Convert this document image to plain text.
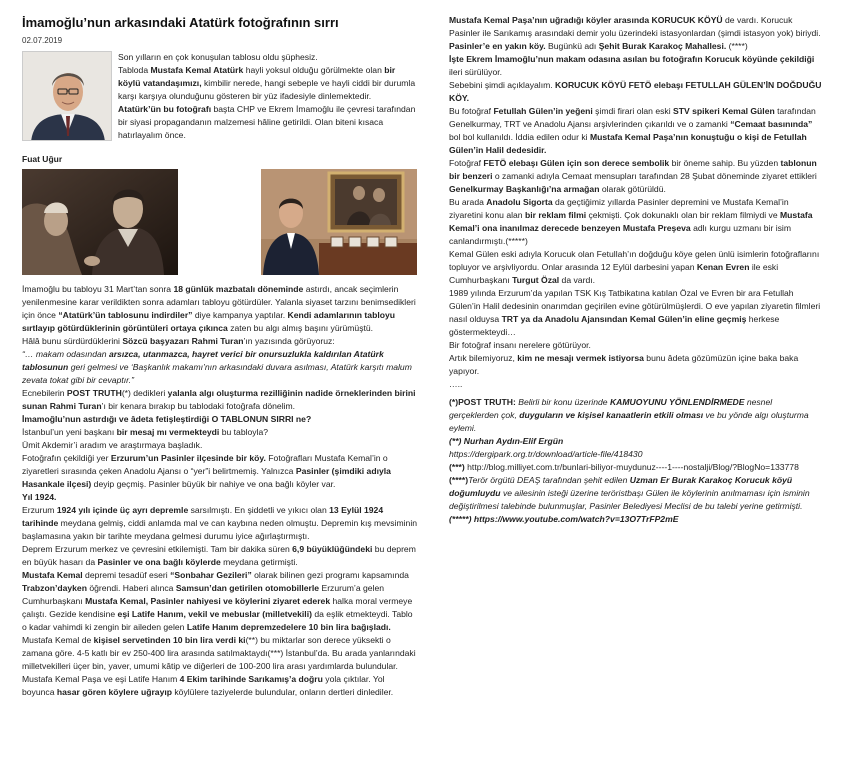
İmamoğlu’nun arkasındaki Atatürk fotoğrafının sırrı
02.07.2019
Fuat Uğur

Son yılların en çok konuşulan tablosu oldu şüphesiz.

Tabloda Mustafa Kemal Atatürk hayli yoksul olduğu görülmekte olan bir köylü vatandaşımızı, kimbilir nerede, hangi sebeple ve hayli ciddi bir durumla karşı karşıya olunduğunu gösteren bir yüz ifadesiyle dinlemektedir.

Atatürk’ün bu fotoğrafı başta CHP ve Ekrem İmamoğlu ile çevresi tarafından bir siyasi propagandanın malzemesi hâline getirildi. Olan biteni kısaca hatırlayalım önce.

İmamoğlu bu tabloyu 31 Mart’tan sonra 18 günlük mazbatalı döneminde astırdı, ancak seçimlerin yenilenmesine karar verildikten sonra adamları tabloyu götürdüler. Yalanla siyaset tarzını benimsedikleri için önce “Atatürk’ün tablosunu indirdiler” diye kampanya yaptılar. Kendi adamlarının tabloyu sırtlayıp götürdüklerinin görüntüleri ortaya çıkınca zaten bu algı almış başını yürümüştü.

Hâlâ bunu sürdürdüklerini Sözcü başyazarı Rahmi Turan’ın yazısında görüyoruz:

“… makam odasından arsızca, utanmazca, hayret verici bir onursuzlukla kaldırılan Atatürk tablosunun geri gelmesi ve ‘Başkanlık makamı’nın arkasındaki duvara asılması, Atatürk karşıtı malum zevata tokat gibi bir cevaptır.”

Ecnebilerin POST TRUTH(*) dedikleri yalanla algı oluşturma rezilliğinin nadide örneklerinden birini sunan Rahmi Turan’ı bir kenara bırakıp bu tablodaki fotoğrafa dönelim.

İmamoğlu’nun astırdığı ve âdeta fetişleştirdiği O TABLONUN SIRRI ne?

İstanbul’un yeni başkanı bir mesaj mı vermekteydi bu tabloyla?

Ümit Akdemir’i aradım ve araştırmaya başladık.

Fotoğrafın çekildiği yer Erzurum’un Pasinler ilçesinde bir köy. Fotoğrafları Mustafa Kemal’in o ziyaretleri sırasında çeken Anadolu Ajansı o “yer”i belirtmemiş. Yalnızca Pasinler (şimdiki adıyla Hasankale ilçesi) deyip geçmiş. Pasinler büyük bir nahiye ve ona bağlı köyler var.

Yıl 1924.

Erzurum 1924 yılı içinde üç ayrı depremle sarsılmıştı. En şiddetli ve yıkıcı olan 13 Eylül 1924 tarihinde meydana gelmiş, ciddi anlamda mal ve can kaybına neden olmuştu. Depremin kış mevsiminin başlamasına yakın bir tarihte meydana gelmesi durumu iyice ağırlaştırmıştı.

Deprem Erzurum merkez ve çevresini etkilemişti. Tam bir dakika süren 6,9 büyüklüğündeki bu deprem en büyük hasarı da Pasinler ve ona bağlı köylerde meydana getirmişti.

Mustafa Kemal depremi tesadüf eseri “Sonbahar Gezileri” olarak bilinen gezi programı kapsamında Trabzon’dayken öğrendi. Haberi alınca Samsun’dan getirilen otomobillerle Erzurum’a gelen Cumhurbaşkanı Mustafa Kemal, Pasinler nahiyesi ve köylerini ziyaret ederek halka moral vermeye çalıştı. Gezide kendisine eşi Latife Hanım, vekil ve mebuslar (milletvekili) da eşlik etmekteydi. Tablo o kadar vahimdi ki zengin bir aileden gelen Latife Hanım depremzedelere 10 bin lira bağışladı. Mustafa Kemal de kişisel servetinden 10 bin lira verdi ki(**) bu miktarlar son derece yüksekti o zamana göre. 4-5 katlı bir ev 250-400 lira arasında satılmaktaydı(***) İstanbul’da. Bu arada yanlarındaki milletvekilleri üçer bin, yaver, umumi kâtip ve diğerleri de 100-200 lira arası yardımlarda bulundular.

Mustafa Kemal Paşa ve eşi Latife Hanım 4 Ekim tarihinde Sarıkamış’a doğru yola çıktılar. Yol boyunca hasar gören köylere uğrayıp köylülere taziyelerde bulundular, onların dertleri dinlediler.

Mustafa Kemal Paşa’nın uğradığı köyler arasında KORUCUK KÖYÜ de vardı. Korucuk Pasinler ile Sarıkamış arasındaki demir yolu üzerindeki istasyonlardan (şimdi istasyon yok) biriydi. Pasinler’e en yakın köy. Bugünkü adı Şehit Burak Karakoç Mahallesi. (****)

İşte Ekrem İmamoğlu’nun makam odasına asılan bu fotoğrafın Korucuk köyünde çekildiği ileri sürülüyor.

Sebebini şimdi açıklayalım. KORUCUK KÖYÜ FETÖ elebaşı FETULLAH GÜLEN’İN DOĞDUĞU KÖY.

Bu fotoğraf Fetullah Gülen’in yeğeni şimdi firari olan eski STV spikeri Kemal Gülen tarafından Genelkurmay, TRT ve Anadolu Ajansı arşivlerinden çıkarıldı ve o zamanki “Cemaat basınında” bol bol kullanıldı. İddia edilen odur ki Mustafa Kemal Paşa’nın konuştuğu o kişi de Fetullah Gülen’in Halil dedesidir.

Fotoğraf FETÖ elebaşı Gülen için son derece sembolik bir öneme sahip. Bu yüzden tablonun bir benzeri o zamanki adıyla Cemaat mensupları tarafından 28 Şubat döneminde ziyaret ettikleri Genelkurmay Başkanlığı’na armağan olarak götürüldü.

Bu arada Anadolu Sigorta da geçtiğimiz yıllarda Pasinler depremini ve Mustafa Kemal’in ziyaretini konu alan bir reklam filmi çekmişti. Çok dokunaklı olan bir reklam filmiydi ve Mustafa Kemal’i ona inanılmaz derecede benzeyen Mustafa Preşeva adlı kurgu uzmanı bir isim canlandırmıştı.(*****)

Kemal Gülen eski adıyla Korucuk olan Fetullah’ın doğduğu köye gelen ünlü isimlerin fotoğraflarını topluyor ve arşivliyordu. Onlar arasında 12 Eylül darbesini yapan Kenan Evren ile eski Cumhurbaşkanı Turgut Özal da vardı.

1989 yılında Erzurum’da yapılan TSK Kış Tatbikatına katılan Özal ve Evren bir ara Fetullah Gülen’in Halil dedesinin onarımdan geçirilen evine götürülmüşlerdi. O eve yapılan ziyaretin filmleri nasıl olduysa TRT ya da Anadolu Ajansından Kemal Gülen’in eline geçmiş herkese göstermekteydi…

Bir fotoğraf insanı nerelere götürüyor.

Artık bilemiyoruz, kim ne mesajı vermek istiyorsa bunu âdeta gözümüzün içine baka baka yapıyor.

…..

(*)POST TRUTH: Belirli bir konu üzerinde KAMUOYUNU YÖNLENDİRMEDE nesnel gerçeklerden çok, duyguların ve kişisel kanaatlerin etkili olması ve bu yönde algı oluşturma eylemi.

(**) Nurhan Aydın-Elif Ergün

https://dergipark.org.tr/download/article-file/418430

(***) http://blog.milliyet.com.tr/bunlari-biliyor-muydunuz----1----nostalji/Blog/?BlogNo=133778

(****)Terör örgütü DEAŞ tarafından şehit edilen Uzman Er Burak Karakoç Korucuk köyü doğumluydu ve ailesinin isteği üzerine teröristbaşı Gülen ile köylerinin anılmaması için isminin değiştirilmesi talebinde bulunmuşlar, Pasinler Belediyesi Meclisi de bu talebi yerine getirmişti.

(*****) https://www.youtube.com/watch?v=13O7TrFP2mE
